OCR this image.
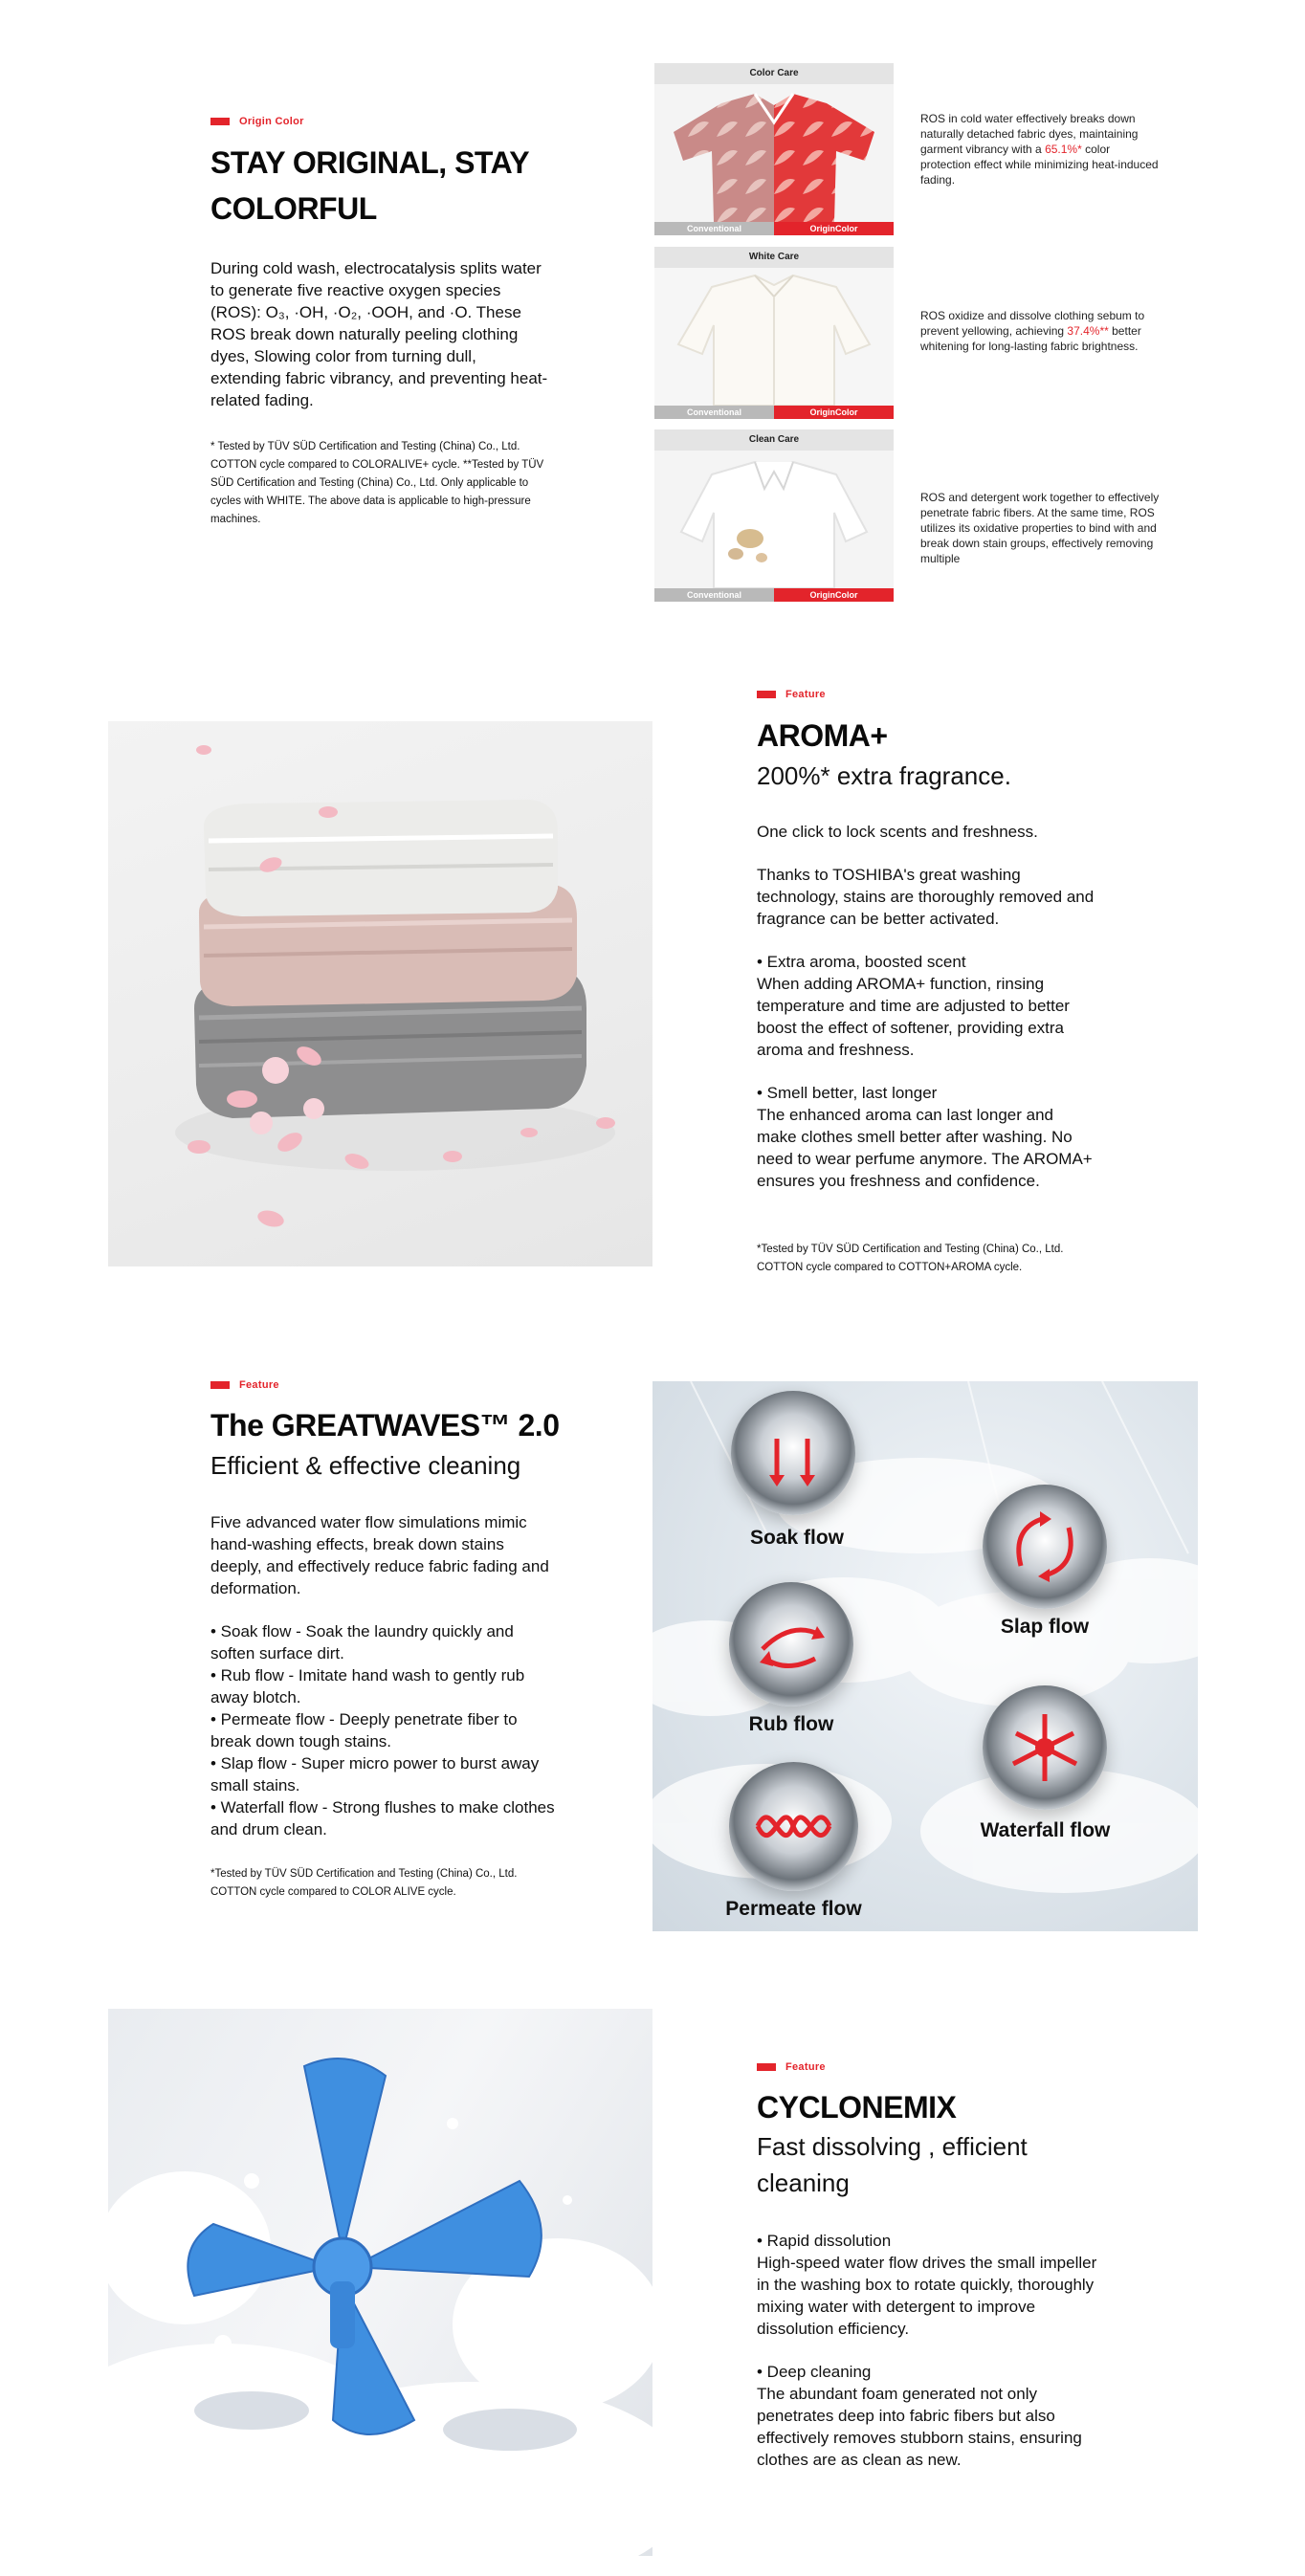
Origin Color
STAY ORIGINAL, STAY
COLORFUL
During cold wash, electrocatalysis splits water to generate five reactive oxygen species (ROS): O₃, ·OH, ·O₂, ·OOH, and ·O. These ROS break down naturally peeling clothing dyes, Slowing color from turning dull, extending fabric vibrancy, and preventing heat-related fading.
* Tested by TÜV SÜD Certification and Testing (China) Co., Ltd. COTTON cycle compared to COLORALIVE+ cycle. **Tested by TÜV SÜD Certification and Testing (China) Co., Ltd. Only applicable to cycles with WHITE. The above data is applicable to high-pressure machines.
Color Care
Conventional	OriginColor
ROS in cold water effectively breaks down naturally detached fabric dyes, maintaining garment vibrancy with a 65.1%* color protection effect while minimizing heat-induced fading.
White Care
Conventional	OriginColor
ROS oxidize and dissolve clothing sebum to prevent yellowing, achieving 37.4%** better whitening for long-lasting fabric brightness.
Clean Care
Conventional	OriginColor
ROS and detergent work together to effectively penetrate fabric fibers. At the same time, ROS utilizes its oxidative properties to bind with and break down stain groups, effectively removing multiple
Feature
AROMA+
200%* extra fragrance.
One click to lock scents and freshness.
Thanks to TOSHIBA's great washing technology, stains are thoroughly removed and fragrance can be better activated.
• Extra aroma, boosted scent
When adding AROMA+ function, rinsing temperature and time are adjusted to better boost the effect of softener, providing extra aroma and freshness.
• Smell better, last longer
The enhanced aroma can last longer and make clothes smell better after washing. No need to wear perfume anymore. The AROMA+ ensures you freshness and confidence.
*Tested by TÜV SÜD Certification and Testing (China) Co., Ltd. COTTON cycle compared to COTTON+AROMA cycle.
Feature
The GREATWAVES™ 2.0
Efficient & effective cleaning
Five advanced water flow simulations mimic hand-washing effects, break down stains deeply, and effectively reduce fabric fading and deformation.
• Soak flow - Soak the laundry quickly and soften surface dirt.
• Rub flow - Imitate hand wash to gently rub away blotch.
• Permeate flow - Deeply penetrate fiber to break down tough stains.
• Slap flow - Super micro power to burst away small stains.
• Waterfall flow - Strong flushes to make clothes and drum clean.
*Tested by TÜV SÜD Certification and Testing (China) Co., Ltd. COTTON cycle compared to COLOR ALIVE cycle.
Soak flow
Slap flow
Rub flow
Waterfall flow
Permeate flow
Feature
CYCLONEMIX
Fast dissolving , efficient
cleaning
• Rapid dissolution
High-speed water flow drives the small impeller in the washing box to rotate quickly, thoroughly mixing water with detergent to improve dissolution efficiency.
• Deep cleaning
The abundant foam generated not only penetrates deep into fabric fibers but also effectively removes stubborn stains, ensuring clothes are as clean as new.
